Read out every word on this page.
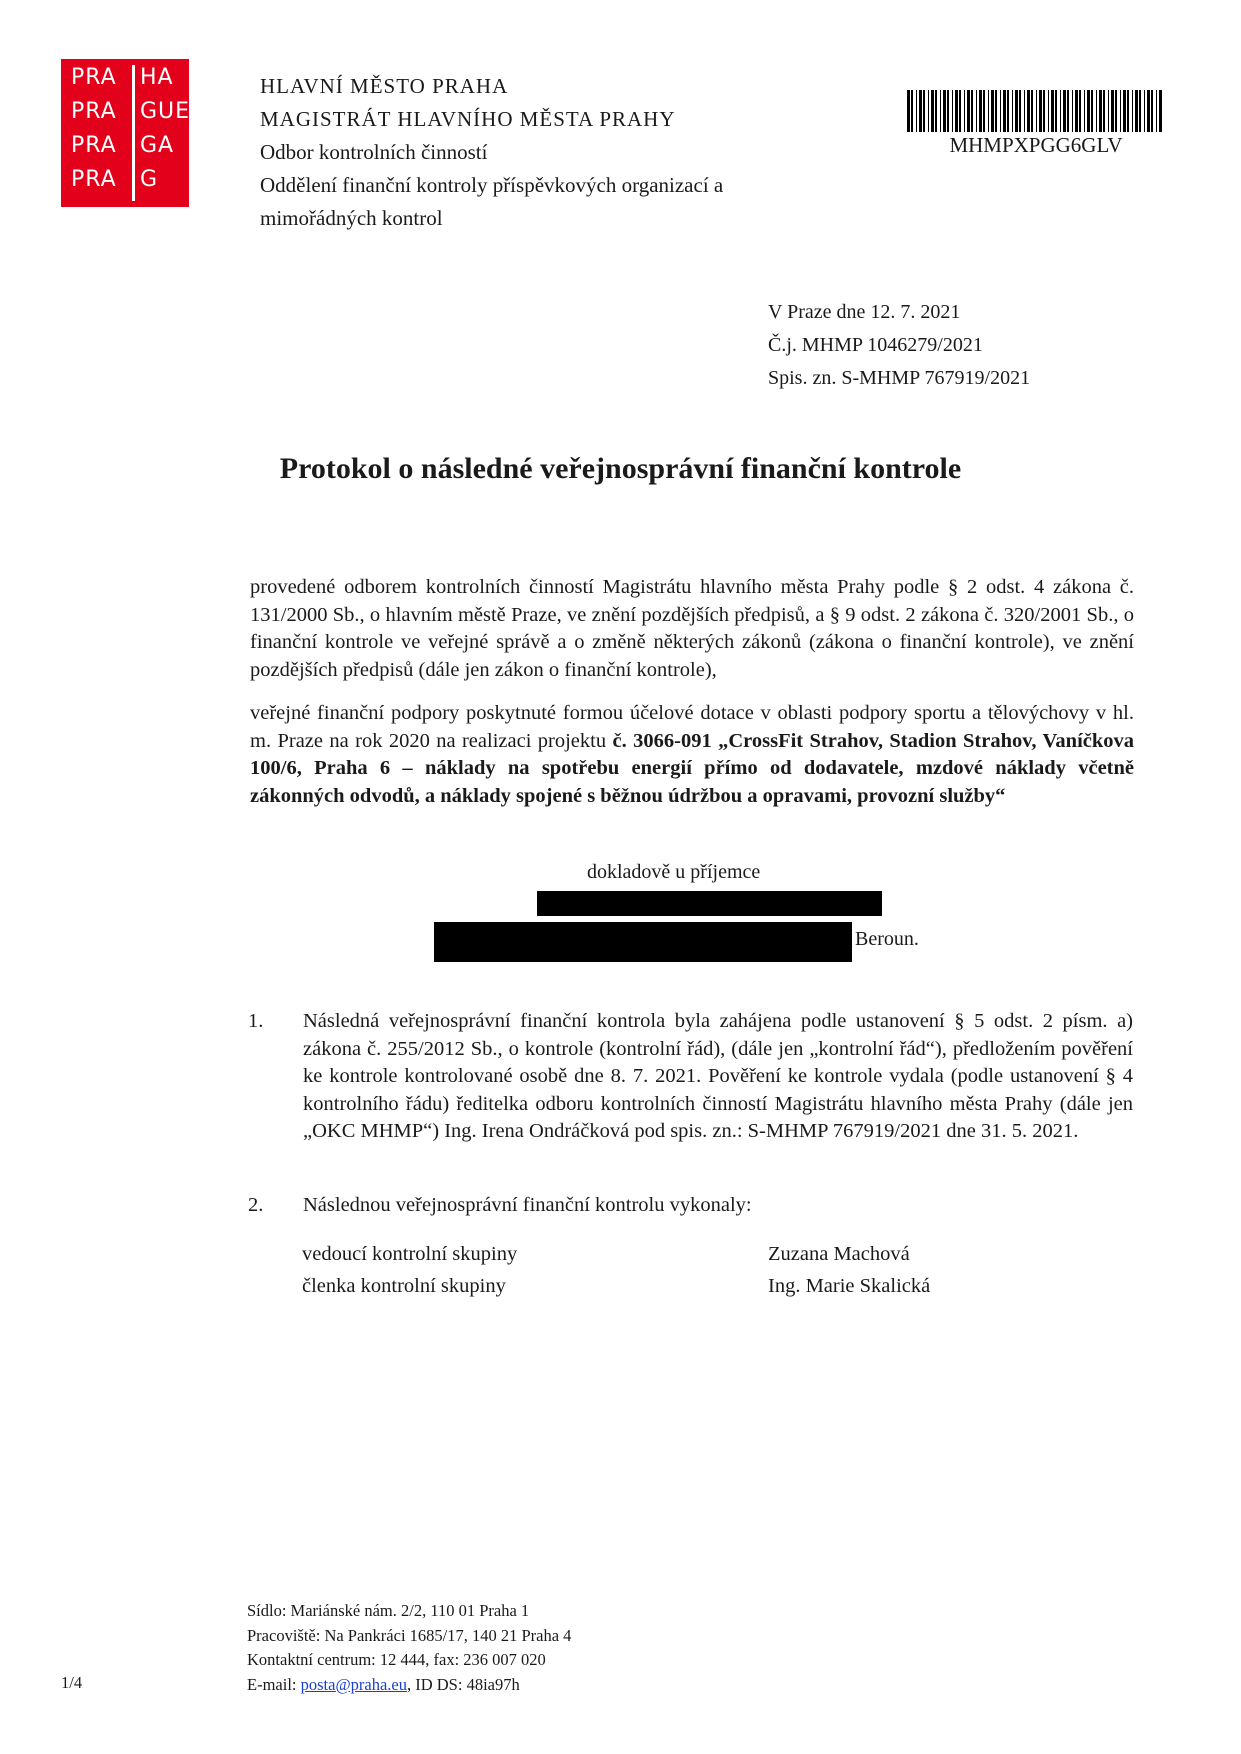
PRA HA
PRA GUE
PRA GA
PRA G
HLAVNÍ MĚSTO PRAHA
MAGISTRÁT HLAVNÍHO MĚSTA PRAHY
Odbor kontrolních činností
Oddělení finanční kontroly příspěvkových organizací a
mimořádných kontrol
MHMPXPGG6GLV
V Praze dne 12. 7. 2021
Č.j. MHMP 1046279/2021
Spis. zn. S-MHMP 767919/2021
Protokol o následné veřejnosprávní finanční kontrole
provedené odborem kontrolních činností Magistrátu hlavního města Prahy podle § 2 odst. 4 zákona č. 131/2000 Sb., o hlavním městě Praze, ve znění pozdějších předpisů, a § 9 odst. 2 zákona č. 320/2001 Sb., o finanční kontrole ve veřejné správě a o změně některých zákonů (zákona o finanční kontrole), ve znění pozdějších předpisů (dále jen zákon o finanční kontrole),
veřejné finanční podpory poskytnuté formou účelové dotace v oblasti podpory sportu a tělovýchovy v hl. m. Praze na rok 2020 na realizaci projektu č. 3066-091 „CrossFit Strahov, Stadion Strahov, Vaníčkova 100/6, Praha 6 – náklady na spotřebu energií přímo od dodavatele, mzdové náklady včetně zákonných odvodů, a náklady spojené s běžnou údržbou a opravami, provozní služby“
dokladově u příjemce
Beroun.
1. Následná veřejnosprávní finanční kontrola byla zahájena podle ustanovení § 5 odst. 2 písm. a) zákona č. 255/2012 Sb., o kontrole (kontrolní řád), (dále jen „kontrolní řád“), předložením pověření ke kontrole kontrolované osobě dne 8. 7. 2021. Pověření ke kontrole vydala (podle ustanovení § 4 kontrolního řádu) ředitelka odboru kontrolních činností Magistrátu hlavního města Prahy (dále jen „OKC MHMP“) Ing. Irena Ondráčková pod spis. zn.: S-MHMP 767919/2021 dne 31. 5. 2021.
2. Následnou veřejnosprávní finanční kontrolu vykonaly:
vedoucí kontrolní skupiny	Zuzana Machová
členka kontrolní skupiny	Ing. Marie Skalická
Sídlo: Mariánské nám. 2/2, 110 01 Praha 1
Pracoviště: Na Pankráci 1685/17, 140 21 Praha 4
Kontaktní centrum: 12 444, fax: 236 007 020
E-mail: posta@praha.eu, ID DS: 48ia97h
1/4
